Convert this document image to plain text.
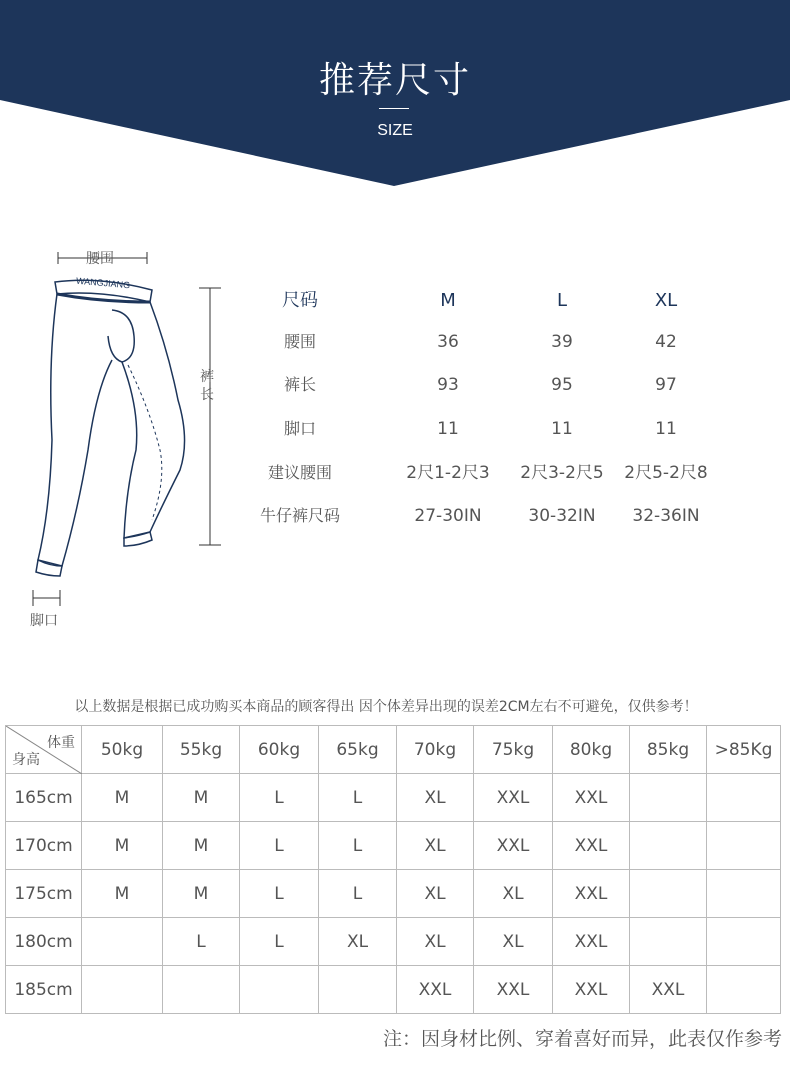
推荐尺寸
SIZE
腰围
裤长
脚口
WANGJIANG
尺码	M	L	XL
腰围	36	39	42
裤长	93	95	97
脚口	11	11	11
建议腰围	2尺1-2尺3	2尺3-2尺5	2尺5-2尺8
牛仔裤尺码	27-30IN	30-32IN	32-36IN
以上数据是根据已成功购买本商品的顾客得出 因个体差异出现的误差2CM左右不可避免，仅供参考！
体重
身高	50kg	55kg	60kg	65kg	70kg	75kg	80kg	85kg	>85Kg
165cm	M	M	L	L	XL	XXL	XXL		
170cm	M	M	L	L	XL	XXL	XXL		
175cm	M	M	L	L	XL	XL	XXL		
180cm		L	L	XL	XL	XL	XXL		
185cm					XXL	XXL	XXL	XXL	
注：因身材比例、穿着喜好而异，此表仅作参考
